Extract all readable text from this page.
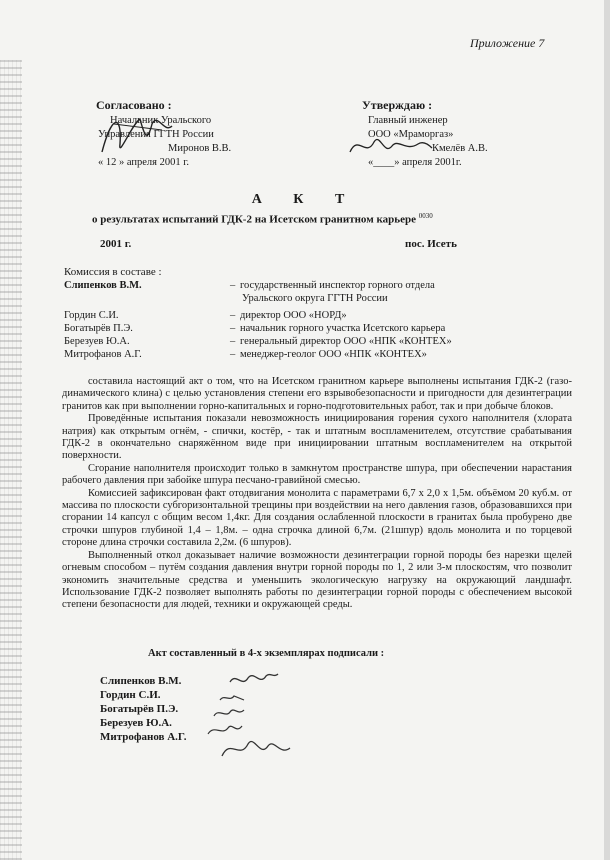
Приложение 7
Согласовано :
Начальник Уральского
Управления ГГТН России
Миронов В.В.
« 12 » апреля 2001 г.
Утверждаю :
Главный инженер
ООО «Мраморгаз»
Кмелёв А.В.
«____» апреля 2001г.
А К Т
о результатах испытаний ГДК-2 на Исетском гранитном карьере $^{0030}$
2001 г.	пос. Исеть
Комиссия в составе :
Слипенков В.М.	– государственный инспектор горного отдела
Уральского округа ГГТН России
Гордин С.И.	– директор ООО «НОРД»
Богатырёв П.Э.	– начальник горного участка Исетского карьера
Березуев Ю.А.	– генеральный директор ООО «НПК «КОНТЕХ»
Митрофанов А.Г.	– менеджер-геолог ООО «НПК «КОНТЕХ»

составила настоящий акт о том, что на Исетском гранитном карьере выполнены испытания ГДК-2 (газо-динамического клина) с целью установления степени его взрывобезопасности и пригодности для дезинтеграции гранитов как при выполнении горно-капитальных и горно-подготовительных работ, так и при добыче блоков.

Проведённые испытания показали невозможность инициирования горения сухого наполнителя (хлората натрия) как открытым огнём, - спички, костёр, - так и штатным воспламенителем, отсутствие срабатывания ГДК-2 в окончательно снаряжённом виде при инициировании штатным воспламенителем на открытой поверхности.

Сгорание наполнителя происходит только в замкнутом пространстве шпура, при обеспечении нарастания рабочего давления при забойке шпура песчано-гравийной смесью.

Комиссией зафиксирован факт отодвигания монолита с параметрами 6,7 х 2,0 х 1,5м. объёмом 20 куб.м. от массива по плоскости субгоризонтальной трещины при воздействии на него давления газов, образовавшихся при сгорании 14 капсул с общим весом 1,4кг. Для создания ослабленной плоскости в гранитах была пробурено две строчки шпуров глубиной 1,4 – 1,8м. – одна строчка длиной 6,7м. (21шпур) вдоль монолита и по торцевой стороне длина строчки составила 2,2м. (6 шпуров).

Выполненный откол доказывает наличие возможности дезинтеграции горной породы без нарезки щелей огневым способом – путём создания давления внутри горной породы по 1, 2 или 3-м плоскостям, что позволит экономить значительные средства и уменьшить экологическую нагрузку на окружающий ландшафт. Использование ГДК-2 позволяет выполнять работы по дезинтеграции горной породы с обеспечением высокой степени безопасности для людей, техники и окружающей среды.

Акт составленный в 4-х экземплярах подписали :
Слипенков В.М.
Гордин С.И.
Богатырёв П.Э.
Березуев Ю.А.
Митрофанов А.Г.
